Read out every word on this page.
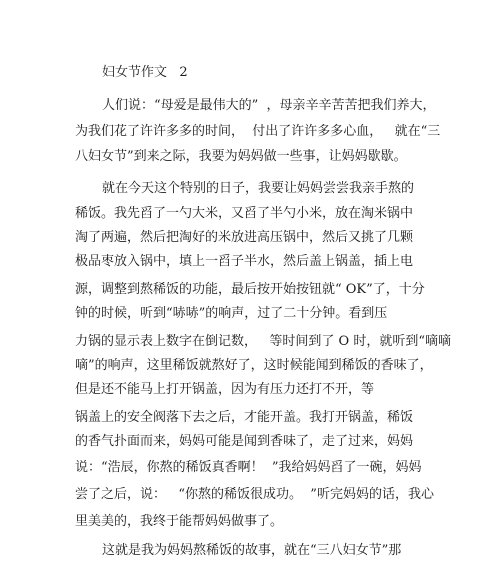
妇女节作文   2
人们说：“母爱是最伟大的”  ，母亲辛辛苦苦把我们养大，
为我们花了许许多多的时间，  付出了许许多多心血，   就在“三
八妇女节”到来之际，我要为妈妈做一些事，让妈妈歇歇。
就在今天这个特别的日子，我要让妈妈尝尝我亲手熬的
稀饭。我先舀了一勺大米，又舀了半勺小米，放在淘米锅中
淘了两遍，然后把淘好的米放进高压锅中，然后又挑了几颗
极品枣放入锅中，填上一舀子半水，然后盖上锅盖，插上电
源，调整到熬稀饭的功能，最后按开始按钮就“ OK”了，十分
钟的时候，听到“哧哧”的响声，过了二十分钟。看到压
力锅的显示表上数字在倒记数，   等时间到了 O 时，就听到“嘀嘀
嘀”的响声，这里稀饭就熬好了，这时候能闻到稀饭的香味了，
但是还不能马上打开锅盖，因为有压力还打不开，等
锅盖上的安全阀落下去之后，才能开盖。我打开锅盖，稀饭
的香气扑面而来，妈妈可能是闻到香味了，走了过来，妈妈
说：“浩辰，你熬的稀饭真香啊！  ”我给妈妈舀了一碗，妈妈
尝了之后，说：   “你熬的稀饭很成功。  ”听完妈妈的话，我心
里美美的，我终于能帮妈妈做事了。
这就是我为妈妈熬稀饭的故事，就在“三八妇女节”那
